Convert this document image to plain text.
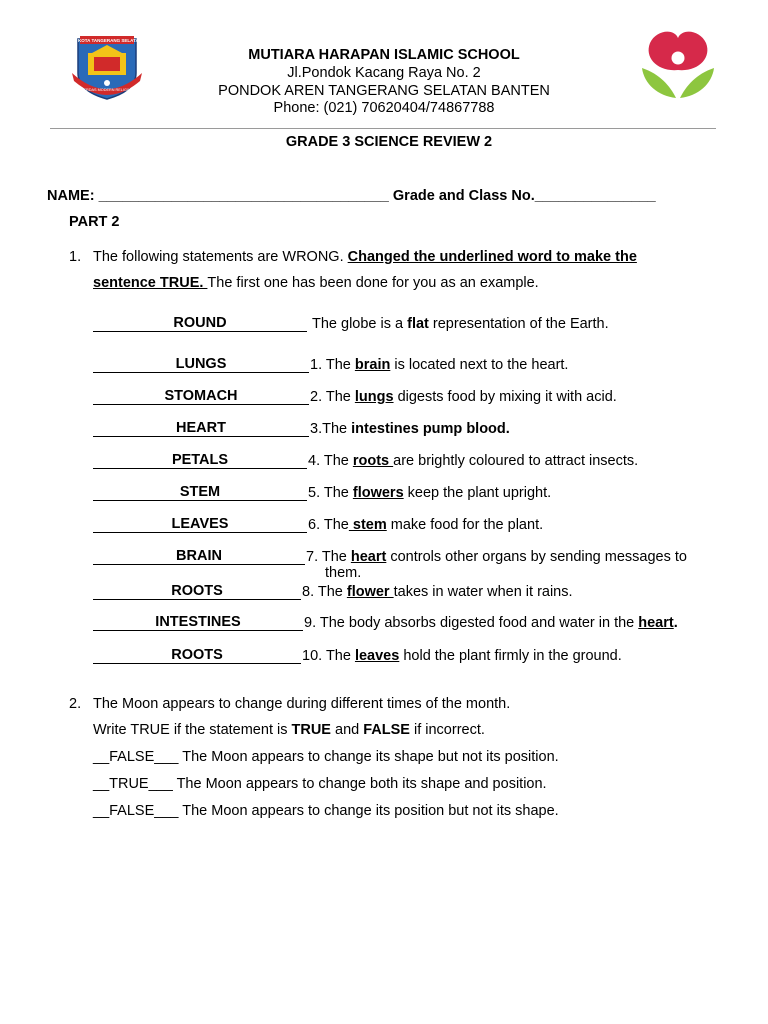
KOTA TANGERANG SELATAN
CERDAS MODERN RELIGIUS
MUTIARA HARAPAN ISLAMIC SCHOOL
Jl.Pondok Kacang Raya No. 2
PONDOK AREN TANGERANG SELATAN BANTEN
Phone: (021) 70620404/74867788
GRADE 3 SCIENCE REVIEW 2
NAME: ____________________________________ Grade and Class No._______________
PART 2
1. The following statements are WRONG. Changed the underlined word to make the
sentence TRUE. The first one has been done for you as an example.
ROUND
LUNGS
STOMACH
HEART
PETALS
STEM
LEAVES
BRAIN
ROOTS
INTESTINES
ROOTS
The globe is a flat representation of the Earth.
1. The brain is located next to the heart.
2. The lungs digests food by mixing it with acid.
3.The intestines pump blood.
4. The roots are brightly coloured to attract insects.
5. The flowers keep the plant upright.
6. The stem make food for the plant.
7. The heart controls other organs by sending messages to
them.
8. The flower takes in water when it rains.
9. The body absorbs digested food and water in the heart.
10. The leaves hold the plant firmly in the ground.
2. The Moon appears to change during different times of the month.
Write TRUE if the statement is TRUE and FALSE if incorrect.
__FALSE___ The Moon appears to change its shape but not its position.
__TRUE___ The Moon appears to change both its shape and position.
__FALSE___ The Moon appears to change its position but not its shape.
